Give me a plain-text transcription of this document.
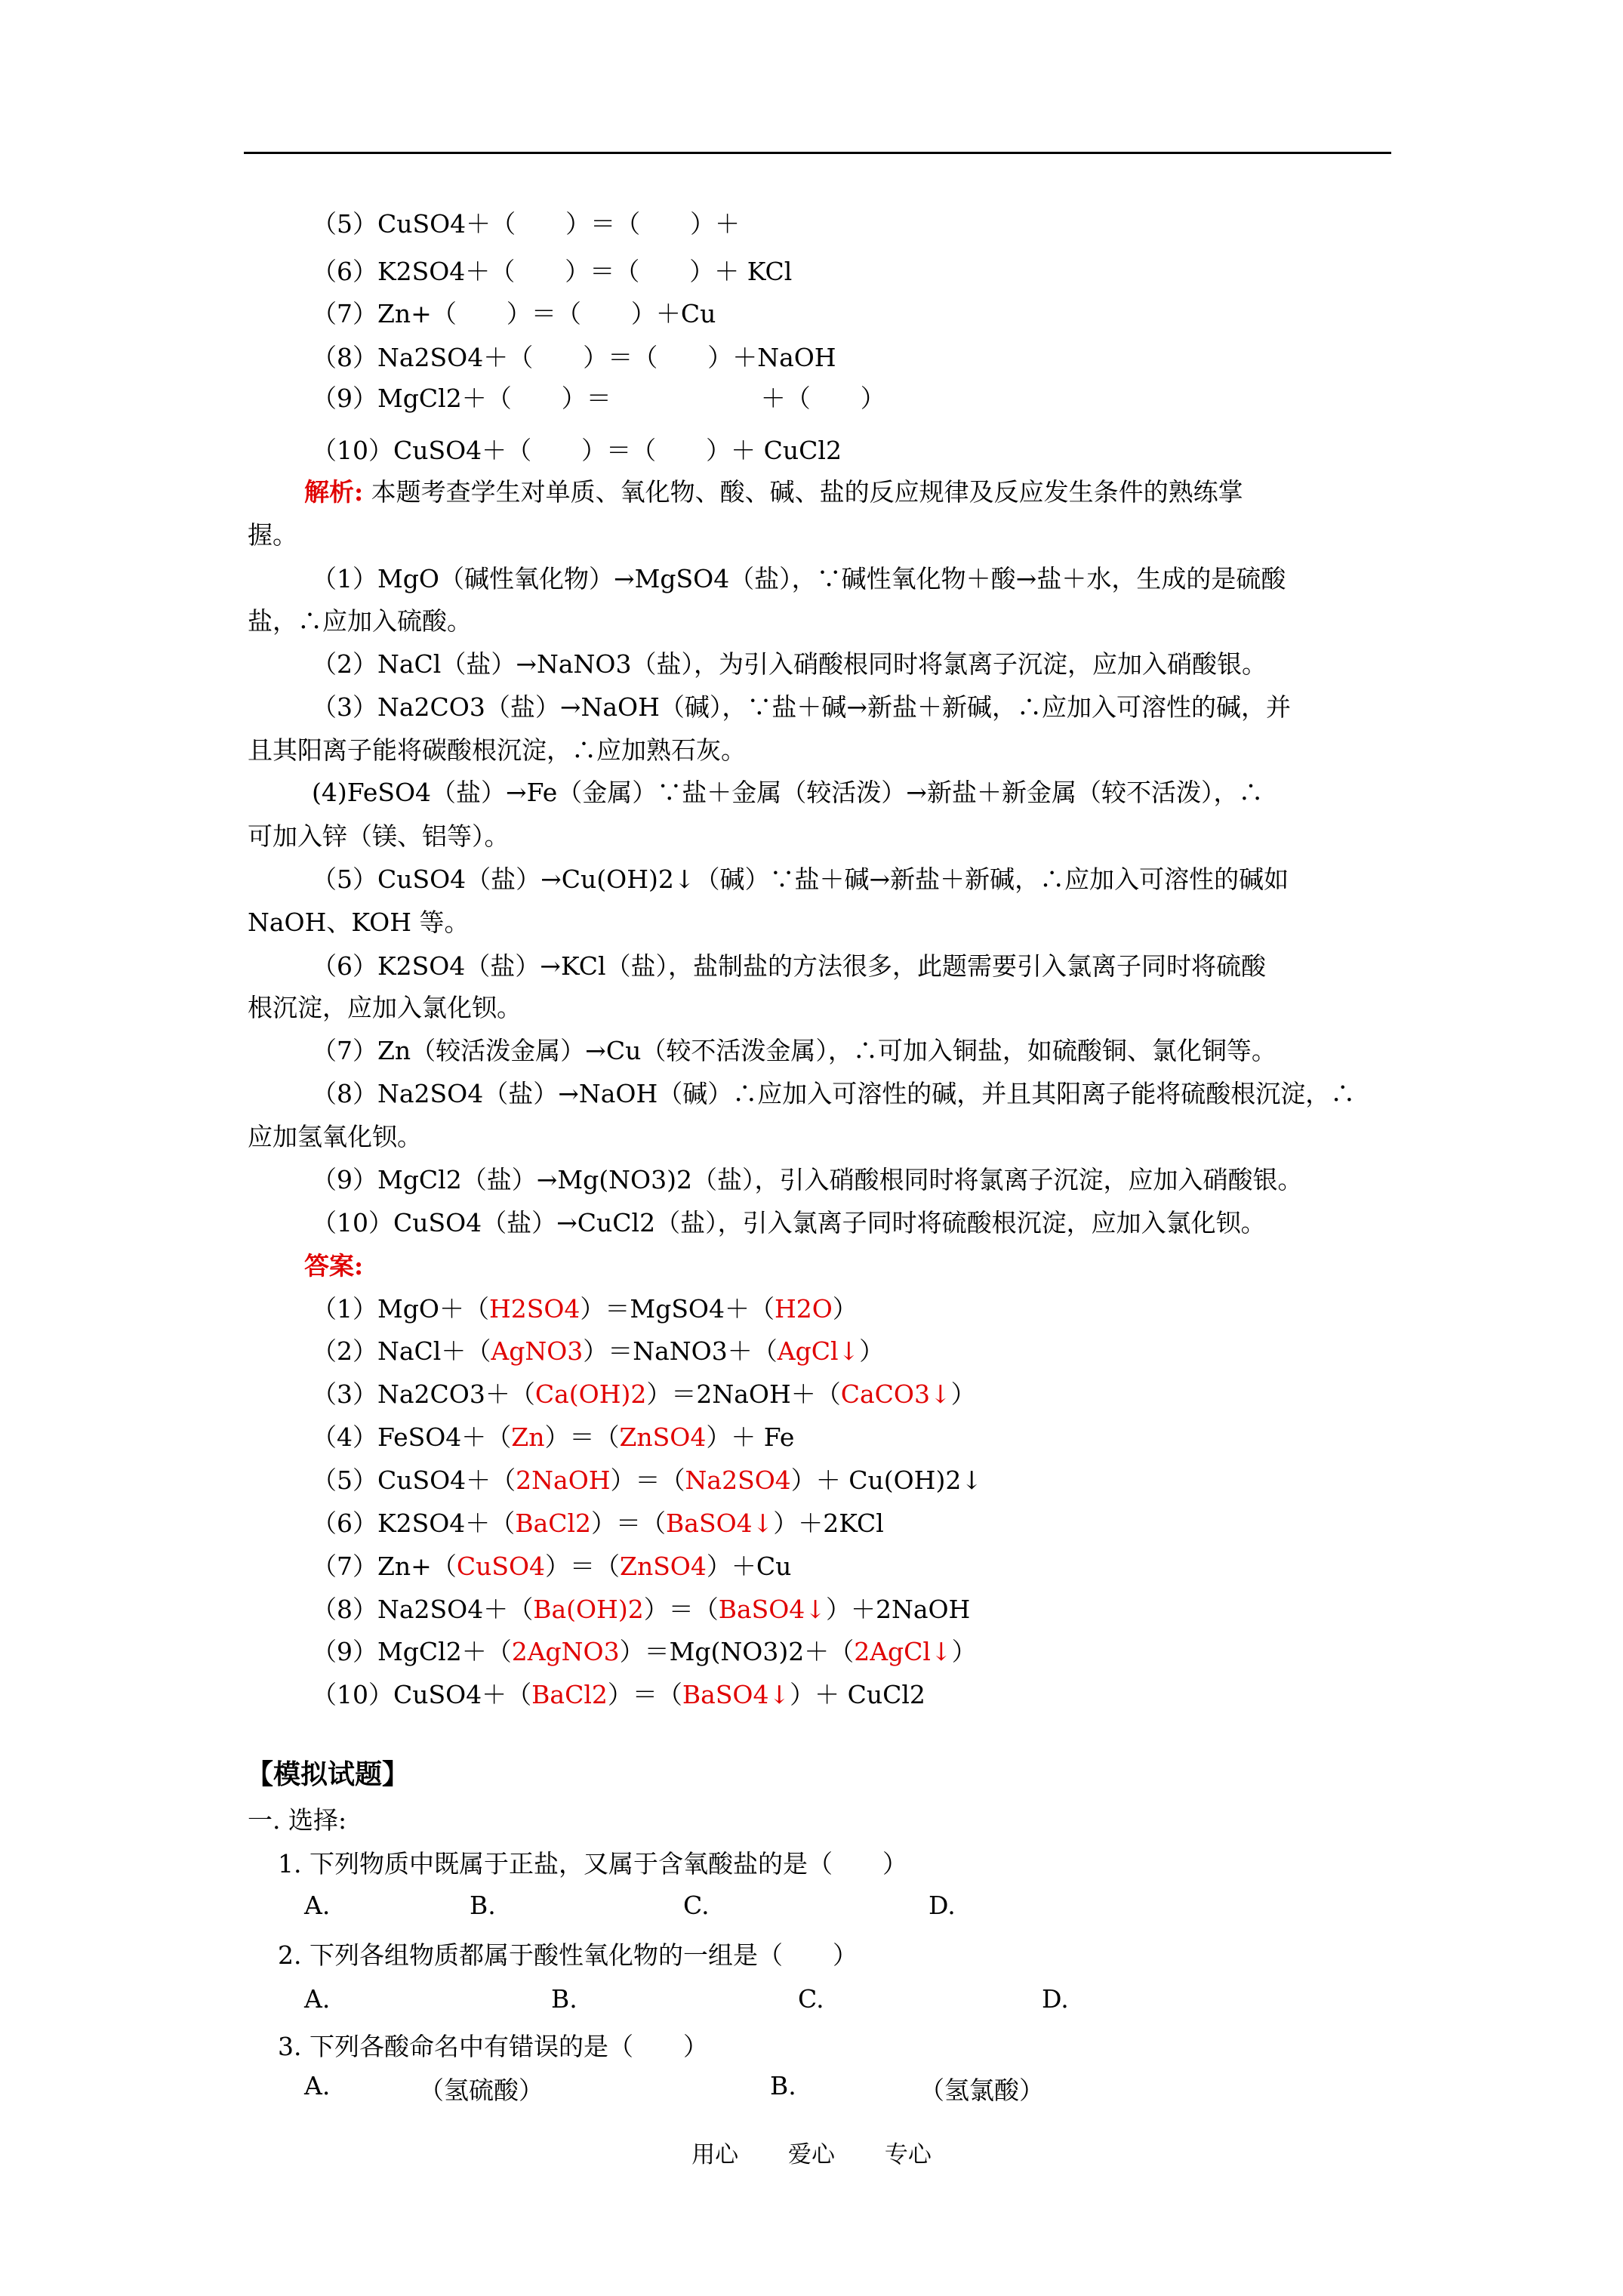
（5）CuSO4＋（　　）＝（　　）＋
（6）K2SO4＋（　　）＝（　　）＋ KCl
（7）Zn+（　　）＝（　　）＋Cu
（8）Na2SO4＋（　　）＝（　　）＋NaOH
（9）MgCl2＋（　　）＝　　　　　　＋（　　）
（10）CuSO4＋（　　）＝（　　）＋ CuCl2
解析: 本题考查学生对单质、氧化物、酸、碱、盐的反应规律及反应发生条件的熟练掌
握。
（1）MgO（碱性氧化物）→MgSO4（盐），∵碱性氧化物＋酸→盐＋水，生成的是硫酸
盐，∴应加入硫酸。
（2）NaCl（盐）→NaNO3（盐），为引入硝酸根同时将氯离子沉淀，应加入硝酸银。
（3）Na2CO3（盐）→NaOH（碱），∵盐＋碱→新盐＋新碱，∴应加入可溶性的碱，并
且其阳离子能将碳酸根沉淀，∴应加熟石灰。
(4)FeSO4（盐）→Fe（金属）∵盐＋金属（较活泼）→新盐＋新金属（较不活泼），∴
可加入锌（镁、铝等）。
（5）CuSO4（盐）→Cu(OH)2↓（碱）∵盐＋碱→新盐＋新碱，∴应加入可溶性的碱如
NaOH、KOH 等。
（6）K2SO4（盐）→KCl（盐），盐制盐的方法很多，此题需要引入氯离子同时将硫酸
根沉淀，应加入氯化钡。
（7）Zn（较活泼金属）→Cu（较不活泼金属），∴可加入铜盐，如硫酸铜、氯化铜等。
（8）Na2SO4（盐）→NaOH（碱）∴应加入可溶性的碱，并且其阳离子能将硫酸根沉淀，∴
应加氢氧化钡。
（9）MgCl2（盐）→Mg(NO3)2（盐），引入硝酸根同时将氯离子沉淀，应加入硝酸银。
（10）CuSO4（盐）→CuCl2（盐），引入氯离子同时将硫酸根沉淀，应加入氯化钡。
答案:
（1）MgO＋（H2SO4）＝MgSO4＋（H2O）
（2）NaCl＋（AgNO3）＝NaNO3＋（AgCl↓）
（3）Na2CO3＋（Ca(OH)2）＝2NaOH＋（CaCO3↓）
（4）FeSO4＋（Zn）＝（ZnSO4）＋ Fe
（5）CuSO4＋（2NaOH）＝（Na2SO4）＋ Cu(OH)2↓
（6）K2SO4＋（BaCl2）＝（BaSO4↓）＋2KCl
（7）Zn+（CuSO4）＝（ZnSO4）＋Cu
（8）Na2SO4＋（Ba(OH)2）＝（BaSO4↓）＋2NaOH
（9）MgCl2＋（2AgNO3）＝Mg(NO3)2＋（2AgCl↓）
（10）CuSO4＋（BaCl2）＝（BaSO4↓）＋ CuCl2
【模拟试题】
一. 选择:
1. 下列物质中既属于正盐，又属于含氧酸盐的是（　　）
A.	B.	C.	D.
2. 下列各组物质都属于酸性氧化物的一组是（　　）
A.	B.	C.	D.
3. 下列各酸命名中有错误的是（　　）
A.	（氢硫酸）	B.	（氢氯酸）
用心 爱心 专心
